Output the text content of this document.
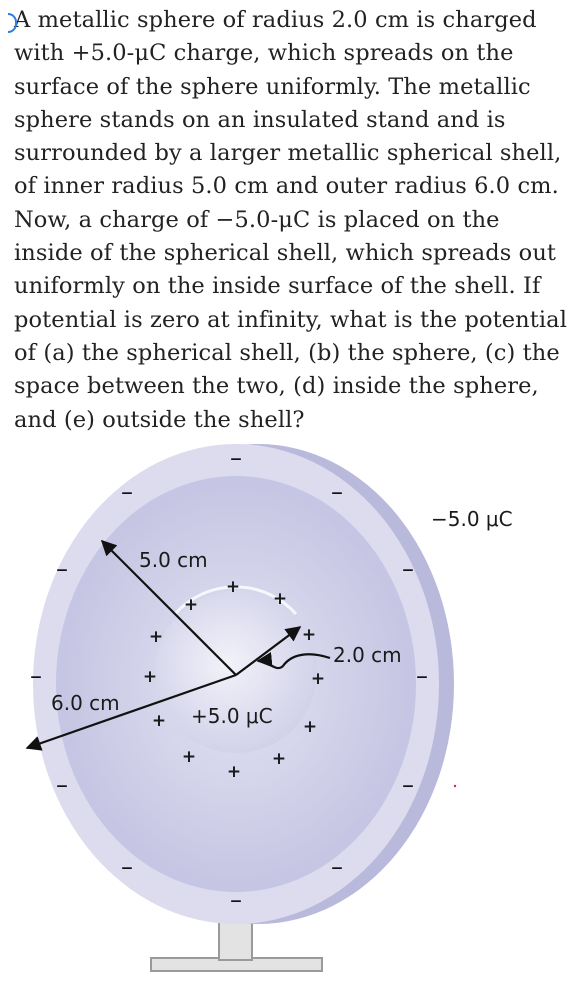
A metallic sphere of radius 2.0 cm is charged
with +5.0-μC charge, which spreads on the
surface of the sphere uniformly. The metallic
sphere stands on an insulated stand and is
surrounded by a larger metallic spherical shell,
of inner radius 5.0 cm and outer radius 6.0 cm.
Now, a charge of −5.0-μC is placed on the
inside of the spherical shell, which spreads out
uniformly on the inside surface of the shell. If
potential is zero at infinity, what is the potential
of (a) the spherical shell, (b) the sphere, (c) the
space between the two, (d) inside the sphere,
and (e) outside the shell?
–
–	–
–	–
–	–
–	–
–	–
–
+
+	+
+	+
+	+
+	+
+
+
+
5.0 cm
6.0 cm
2.0 cm
+5.0 μC
−5.0 μC
